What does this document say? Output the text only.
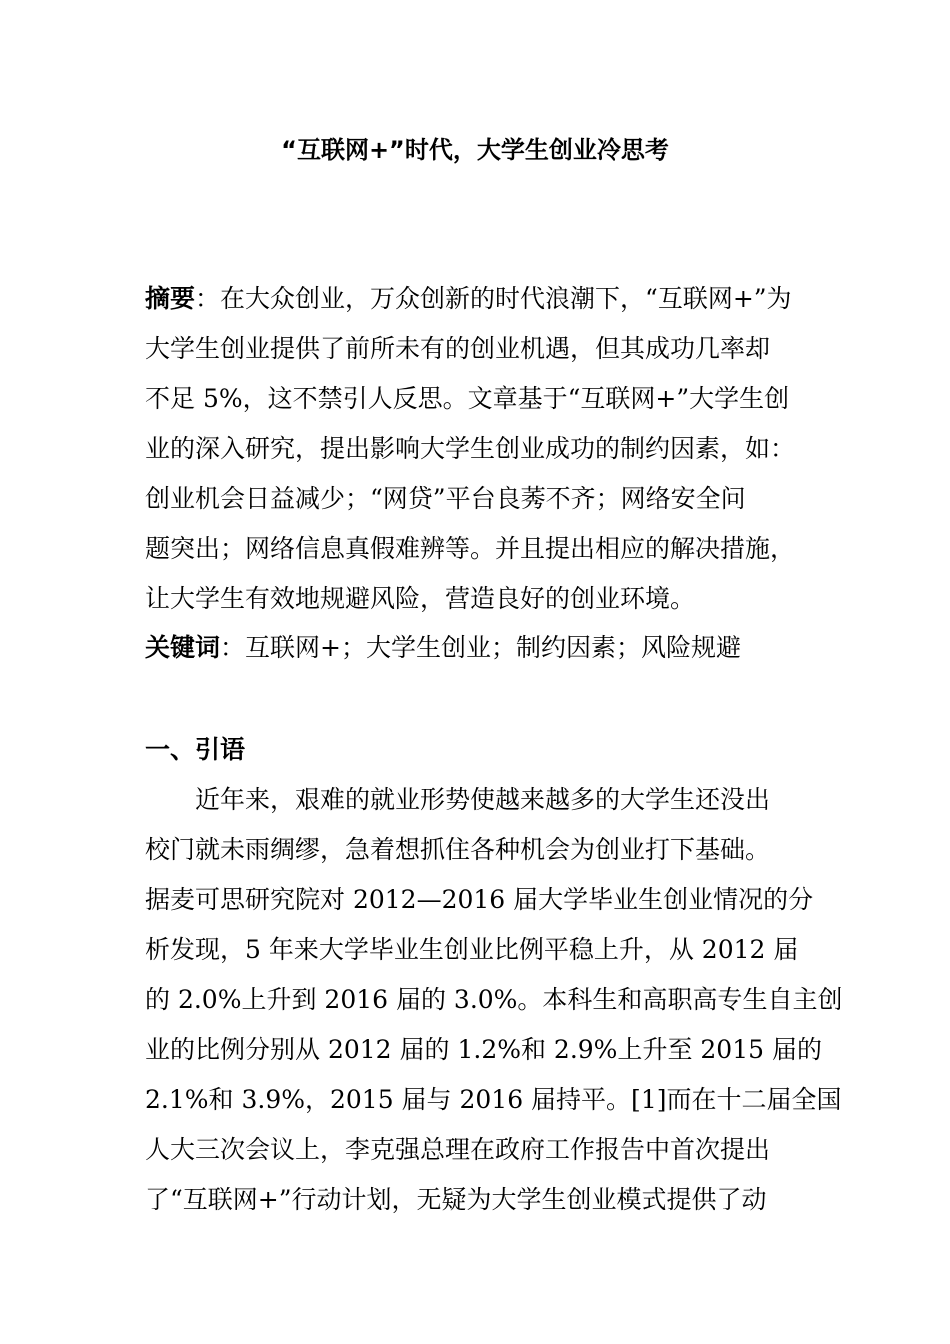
“互联网+”时代，大学生创业冷思考
摘要：在大众创业，万众创新的时代浪潮下，“互联网+”为
大学生创业提供了前所未有的创业机遇，但其成功几率却
不足 5%，这不禁引人反思。文章基于“互联网+”大学生创
业的深入研究，提出影响大学生创业成功的制约因素，如：
创业机会日益减少；“网贷”平台良莠不齐；网络安全问
题突出；网络信息真假难辨等。并且提出相应的解决措施，
让大学生有效地规避风险，营造良好的创业环境。
关键词：互联网+；大学生创业；制约因素；风险规避
一、引语
近年来，艰难的就业形势使越来越多的大学生还没出
校门就未雨绸缪，急着想抓住各种机会为创业打下基础。
据麦可思研究院对 2012—2016 届大学毕业生创业情况的分
析发现，5 年来大学毕业生创业比例平稳上升，从 2012 届
的 2.0%上升到 2016 届的 3.0%。本科生和高职高专生自主创
业的比例分别从 2012 届的 1.2%和 2.9%上升至 2015 届的
2.1%和 3.9%，2015 届与 2016 届持平。[1]而在十二届全国
人大三次会议上，李克强总理在政府工作报告中首次提出
了“互联网+”行动计划，无疑为大学生创业模式提供了动
